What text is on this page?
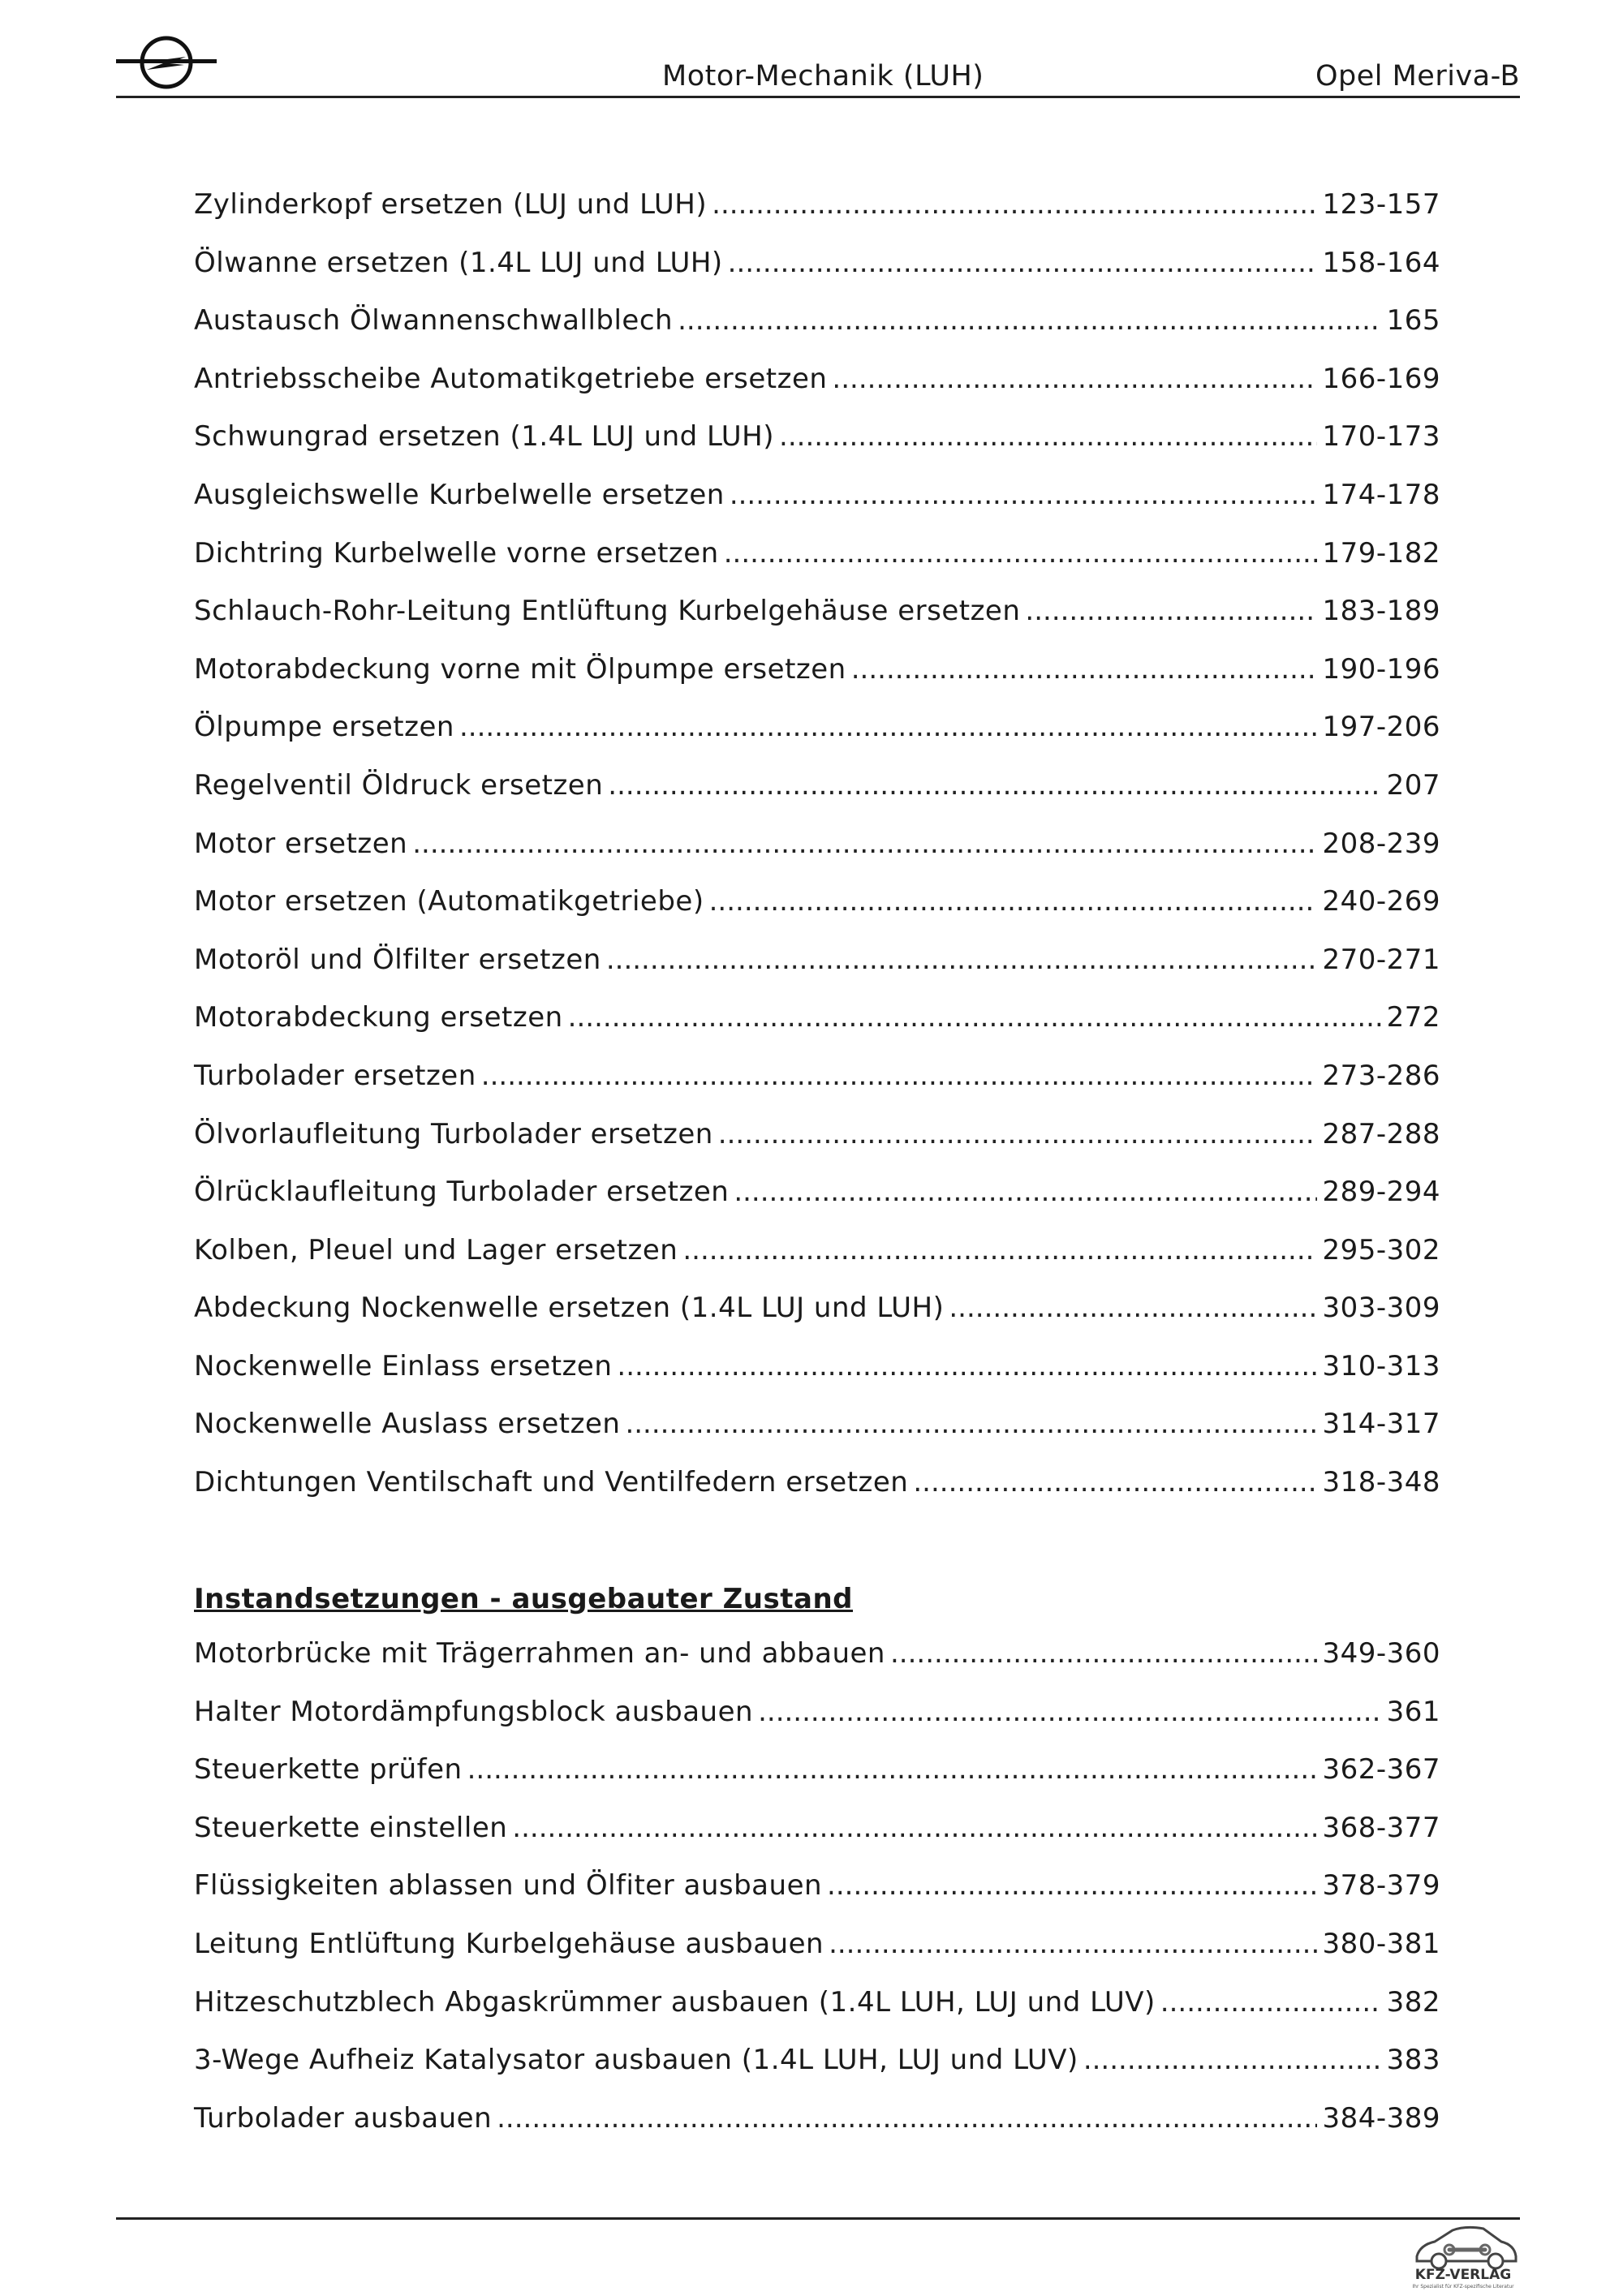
Motor-Mechanik (LUH)	Opel Meriva-B
Zylinderkopf ersetzen (LUJ und LUH) .....	123-157
Ölwanne ersetzen (1.4L LUJ und LUH) .....	158-164
Austausch Ölwannenschwallblech .....	165
Antriebsscheibe Automatikgetriebe ersetzen .....	166-169
Schwungrad ersetzen (1.4L LUJ und LUH) .....	170-173
Ausgleichswelle Kurbelwelle ersetzen .....	174-178
Dichtring Kurbelwelle vorne ersetzen .....	179-182
Schlauch-Rohr-Leitung Entlüftung Kurbelgehäuse ersetzen .....	183-189
Motorabdeckung vorne mit Ölpumpe ersetzen .....	190-196
Ölpumpe ersetzen .....	197-206
Regelventil Öldruck ersetzen .....	207
Motor ersetzen .....	208-239
Motor ersetzen (Automatikgetriebe) .....	240-269
Motoröl und Ölfilter ersetzen .....	270-271
Motorabdeckung ersetzen .....	272
Turbolader ersetzen .....	273-286
Ölvorlaufleitung Turbolader ersetzen .....	287-288
Ölrücklaufleitung Turbolader ersetzen .....	289-294
Kolben, Pleuel und Lager ersetzen .....	295-302
Abdeckung Nockenwelle ersetzen (1.4L LUJ und LUH) .....	303-309
Nockenwelle Einlass ersetzen .....	310-313
Nockenwelle Auslass ersetzen .....	314-317
Dichtungen Ventilschaft und Ventilfedern ersetzen .....	318-348
Instandsetzungen - ausgebauter Zustand
Motorbrücke mit Trägerrahmen an- und abbauen .....	349-360
Halter Motordämpfungsblock ausbauen .....	361
Steuerkette prüfen .....	362-367
Steuerkette einstellen .....	368-377
Flüssigkeiten ablassen und Ölfiter ausbauen .....	378-379
Leitung Entlüftung Kurbelgehäuse ausbauen .....	380-381
Hitzeschutzblech Abgaskrümmer ausbauen (1.4L LUH, LUJ und LUV) .....	382
3-Wege Aufheiz Katalysator ausbauen (1.4L LUH, LUJ und LUV) .....	383
Turbolader ausbauen .....	384-389
KFZ-VERLAG
Ihr Spezialist für KFZ-spezifische Literatur
